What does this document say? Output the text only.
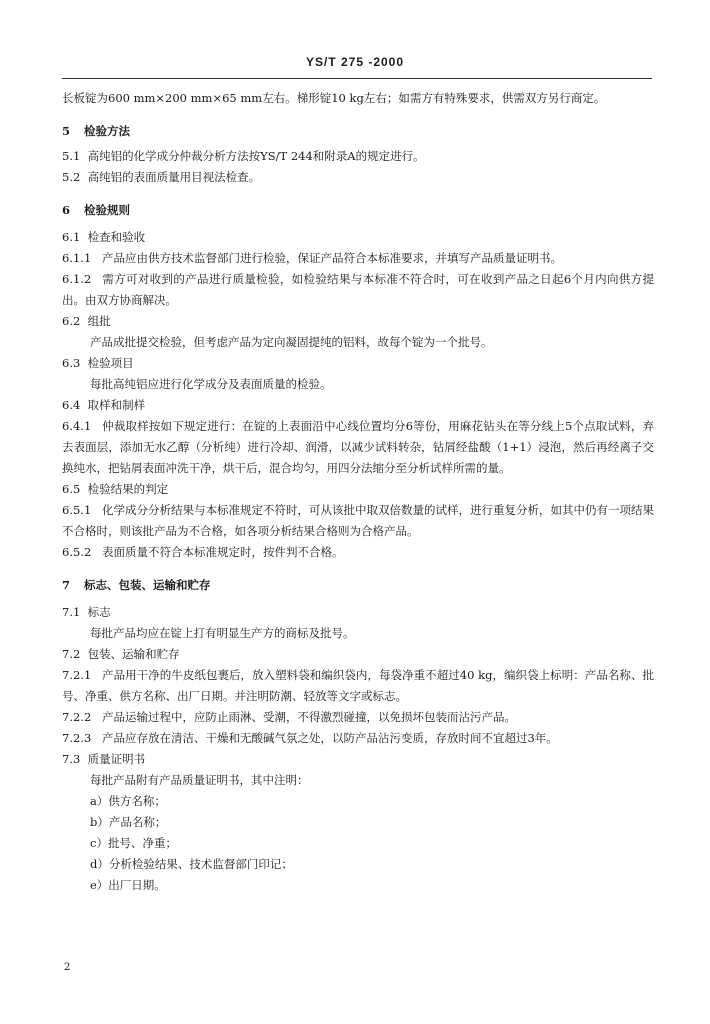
YS/T 275 -2000

长板锭为600 mm×200 mm×65 mm左右。梯形锭10 kg左右；如需方有特殊要求，供需双方另行商定。

5 检验方法

5.1 高纯铝的化学成分仲裁分析方法按YS/T 244和附录A的规定进行。

5.2 高纯铝的表面质量用目视法检查。

6 检验规则

6.1 检查和验收

6.1.1 产品应由供方技术监督部门进行检验，保证产品符合本标准要求，并填写产品质量证明书。

6.1.2 需方可对收到的产品进行质量检验，如检验结果与本标准不符合时，可在收到产品之日起6个月内向供方提出。由双方协商解决。

6.2 组批

产品成批提交检验，但考虑产品为定向凝固提纯的铝料，故每个锭为一个批号。

6.3 检验项目

每批高纯铝应进行化学成分及表面质量的检验。

6.4 取样和制样

6.4.1 仲裁取样按如下规定进行：在锭的上表面沿中心线位置均分6等份，用麻花钻头在等分线上5个点取试料，弃去表面层，添加无水乙醇（分析纯）进行冷却、润滑，以减少试料转杂，钻屑经盐酸（1+1）浸泡，然后再经离子交换纯水，把钻屑表面冲洗干净，烘干后，混合均匀，用四分法缩分至分析试样所需的量。

6.5 检验结果的判定

6.5.1 化学成分分析结果与本标准规定不符时，可从该批中取双倍数量的试样，进行重复分析，如其中仍有一项结果不合格时，则该批产品为不合格，如各项分析结果合格则为合格产品。

6.5.2 表面质量不符合本标准规定时，按件判不合格。

7 标志、包装、运输和贮存

7.1 标志

每批产品均应在锭上打有明显生产方的商标及批号。

7.2 包装、运输和贮存

7.2.1 产品用干净的牛皮纸包裹后，放入塑料袋和编织袋内，每袋净重不超过40 kg，编织袋上标明：产品名称、批号、净重、供方名称、出厂日期。并注明防潮、轻放等文字或标志。

7.2.2 产品运输过程中，应防止雨淋、受潮，不得激烈碰撞，以免损坏包装而沾污产品。

7.2.3 产品应存放在清洁、干燥和无酸碱气氛之处，以防产品沾污变质，存放时间不宜超过3年。

7.3 质量证明书

每批产品附有产品质量证明书，其中注明：

a）供方名称；

b）产品名称；

c）批号、净重；

d）分析检验结果、技术监督部门印记；

e）出厂日期。

2
